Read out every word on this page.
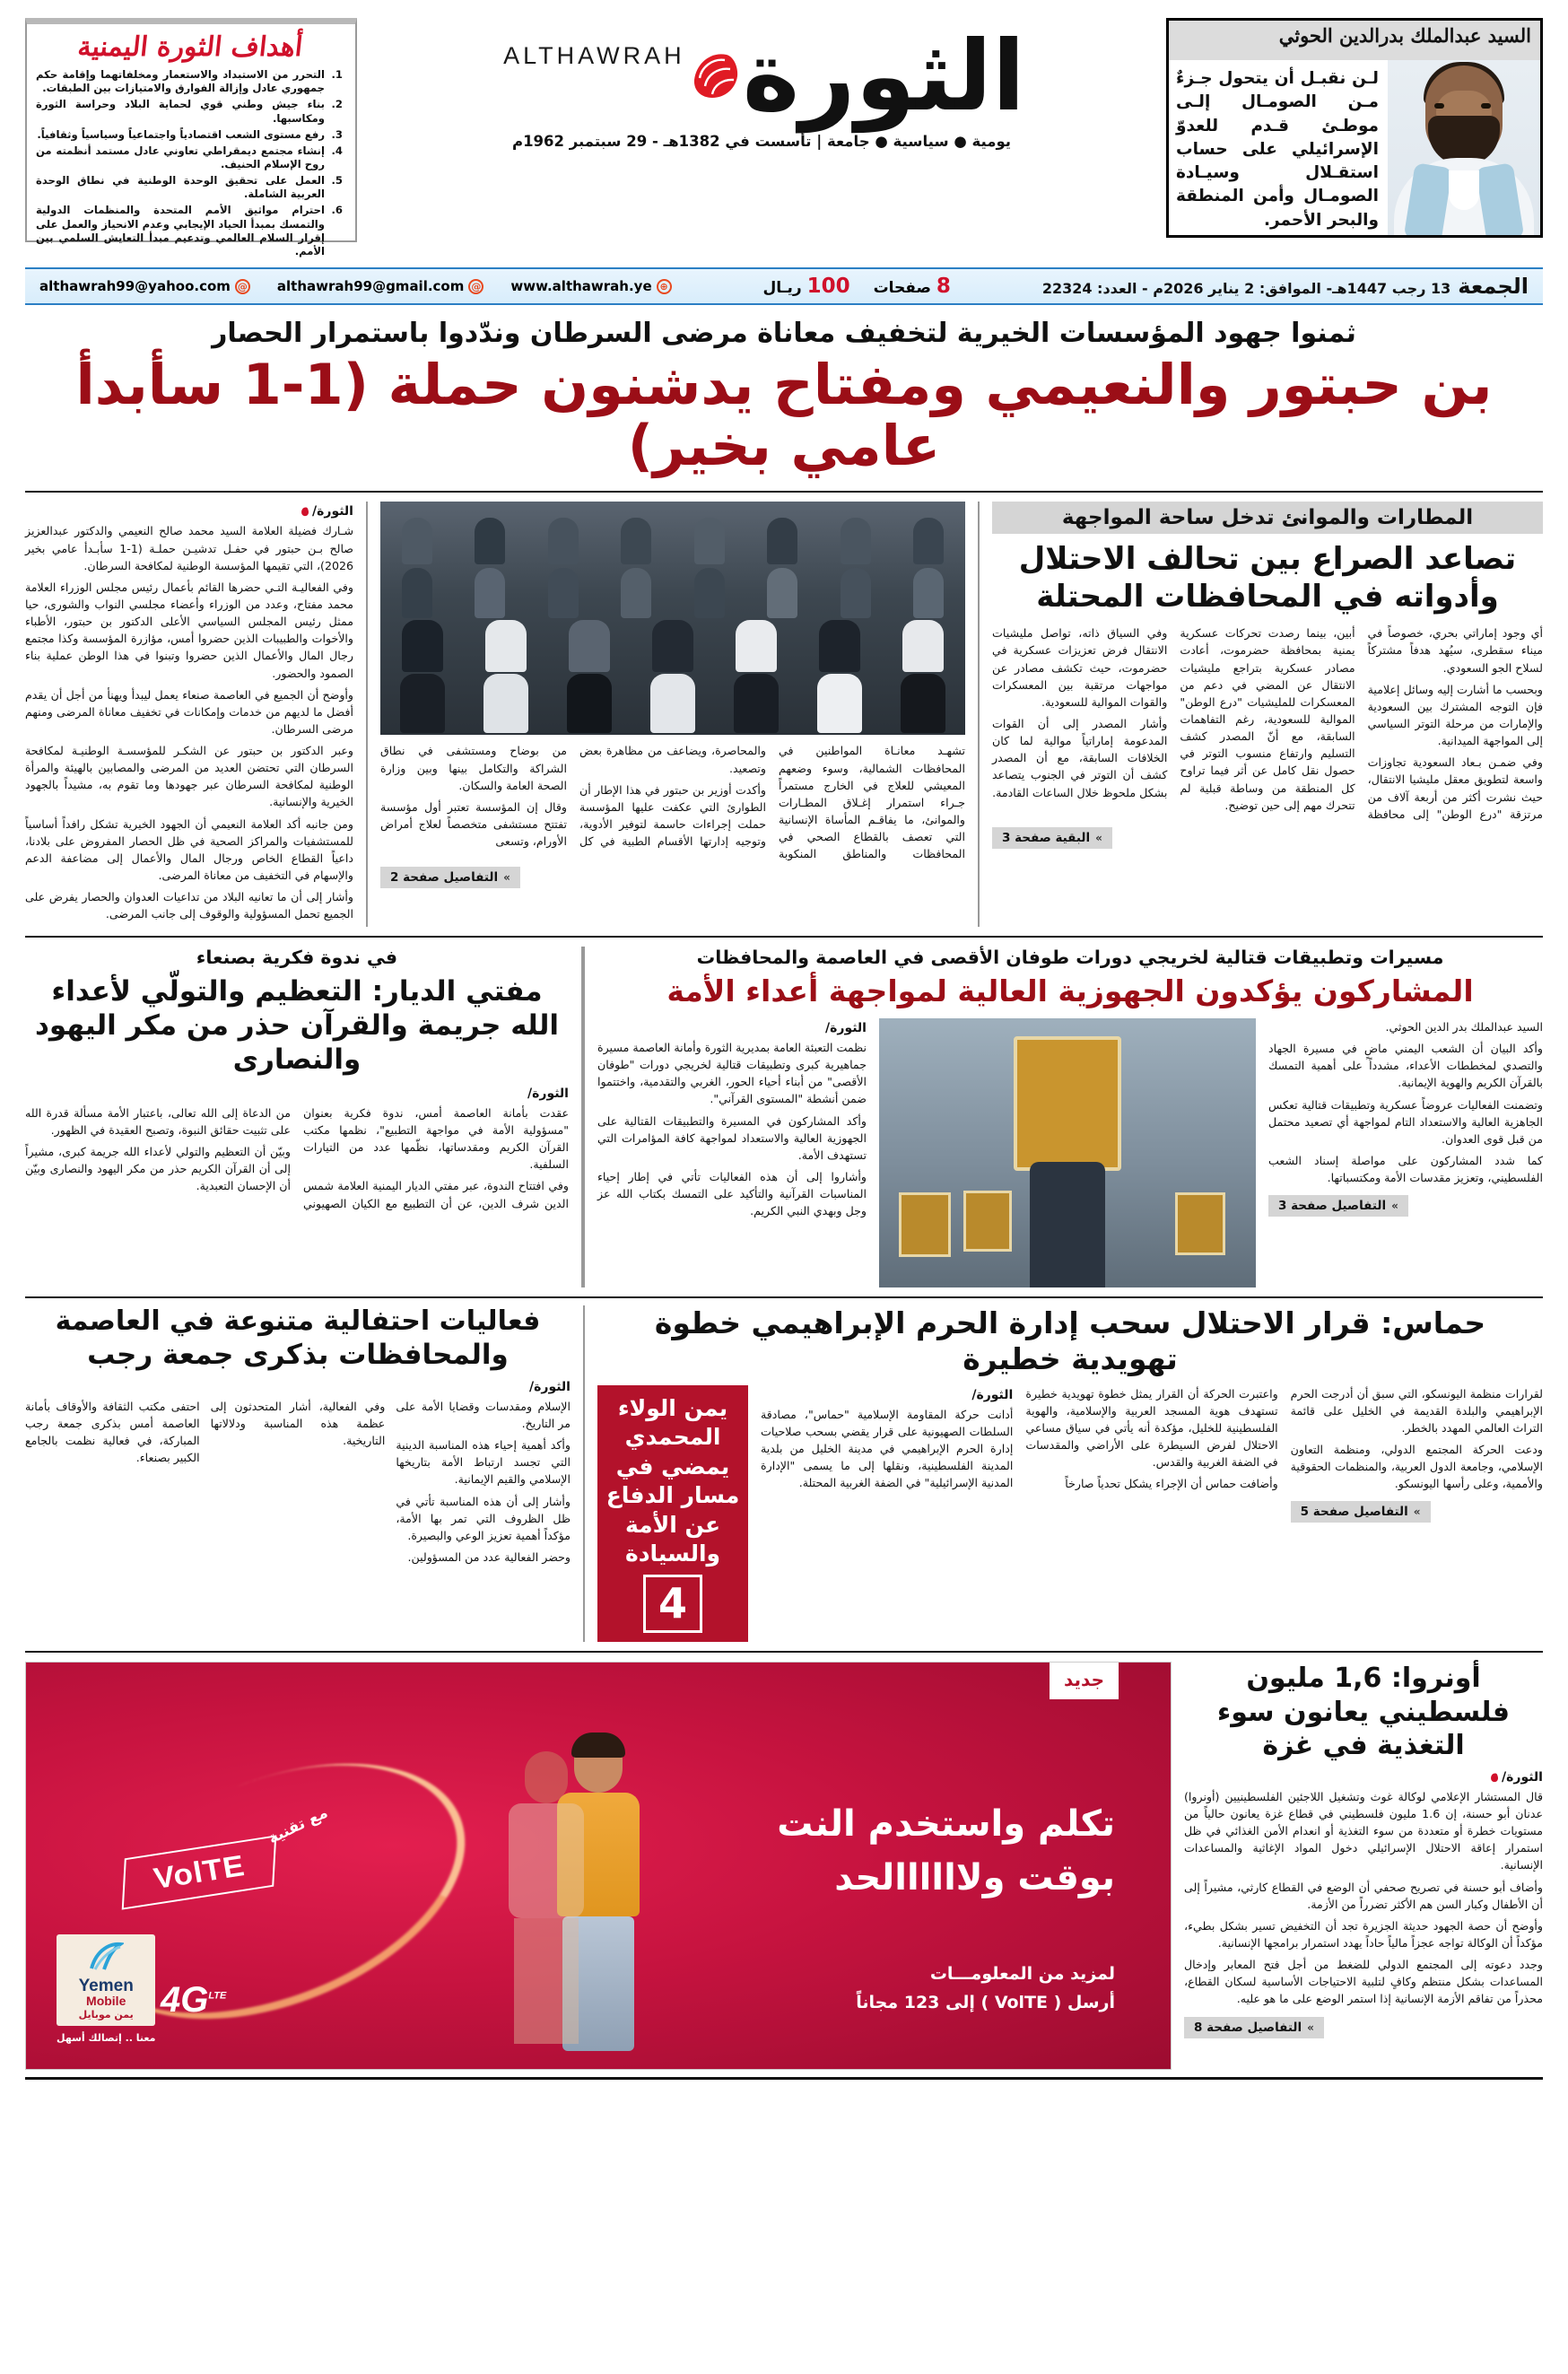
السيد عبدالملك بدرالدين الحوثي
لـن نقبـل أن يتحول جـزءٌ مـن الصومـال إلـى موطـئ قـدم للعدوّ الإسرائيلي على حساب استقـلال وسيـادة الصومـال وأمن المنطقة والبحر الأحمر.
الثورة
ALTHAWRAH
يومية ● سياسية ● جامعة | تأسست في 1382هـ - 29 سبتمبر 1962م
أهداف الثورة اليمنية
التحرر من الاستبداد والاستعمار ومخلفاتهما وإقامة حكم جمهوري عادل وإزالة الفوارق والامتيازات بين الطبقات.
بناء جيش وطني قوي لحماية البلاد وحراسة الثورة ومكاسبها.
رفع مستوى الشعب اقتصادياً واجتماعياً وسياسياً وثقافياً.
إنشاء مجتمع ديمقراطي تعاوني عادل مستمد أنظمته من روح الإسلام الحنيف.
العمل على تحقيق الوحدة الوطنية في نطاق الوحدة العربية الشاملة.
احترام مواثيق الأمم المتحدة والمنظمات الدولية والتمسك بمبدأ الحياد الإيجابي وعدم الانحياز والعمل على إقرار السلام العالمي وتدعيم مبدأ التعايش السلمي بين الأمم.
الجمعة
13 رجب 1447هـ- الموافق: 2 يناير 2026م - العدد: 22324
8 صفحات
100 ريـال
althawrah99@yahoo.com @ althawrah99@gmail.com @ www.althawrah.ye ⊕
ثمنوا جهود المؤسسات الخيرية لتخفيف معاناة مرضى السرطان وندّدوا باستمرار الحصار
بن حبتور والنعيمي ومفتاح يدشنون حملة (1-1 سأبدأ عامي بخير)
المطارات والموانئ تدخل ساحة المواجهة
تصاعد الصراع بين تحالف الاحتلال وأدواته في المحافظات المحتلة

أي وجود إماراتي بحري، خصوصاً في ميناء سقطرى، سيُهد هدفاً مشتركاً لسلاح الجو السعودي.

وبحسب ما أشارت إليه وسائل إعلامية فإن التوجه المشترك بين السعودية والإمارات من مرحلة التوتر السياسي إلى المواجهة الميدانية.

وفي ضمـن بـعاد السعودية تجاوزات واسعة لتطويق معقل مليشيا الانتقال، حيث نشرت أكثر من أربعة آلاف من مرتزقة "درع الوطن" إلى محافظة أبين، بينما رصدت تحركات عسكرية يمنية بمحافظة حضرموت، أعادت مصادر عسكرية بتراجع مليشيات الانتقال عن المضي في دعم من المعسكرات للمليشيات "درع الوطن" الموالية للسعودية، رغم التفاهمات السابقة، مع أنّ المصدر كشف التسليم وارتفاع منسوب التوتر في حصول نقل كامل عن أثر فيما تراوح كل المنطقة من وساطة قبلية لم تتحرك مهم إلى حين توضيح.

وفي السياق ذاته، تواصل مليشيات الانتقال فرض تعزيزات عسكرية في حضرموت، حيث تكشف مصادر عن مواجهات مرتقبة بين المعسكرات والقوات الموالية للسعودية.

وأشار المصدر إلى أن القوات المدعومة إماراتياً موالية لما كان الخلافات السابقة، مع أن المصدر كشف أن التوتر في الجنوب يتصاعد بشكل ملحوظ خلال الساعات القادمة.

»
البقية صفحة 3

تشهـد معانـاة المواطنين في المحافظات الشمالية، وسوء وضعهم المعيشي للعلاج في الخارج مستمراً جـراء استمرار إغـلاق المطـارات والموانئ، ما يفاقـم المأساة الإنسانية التي تعصف بالقطاع الصحي في المحافظات والمناطق المنكوبة والمحاصرة، ويضاعف من مظاهرة بعض وتصعيد.

وأكدت أوزير بن حبتور في هذا الإطار أن الطوارئ التي عكفت عليها المؤسسة حملت إجراءات حاسمة لتوفير الأدوية، وتوجيه إدارتها الأقسام الطبية في كل من بوضاح ومستشفى في نطاق الشراكة والتكامل بينها وبين وزارة الصحة العامة والسكان.

وقال إن المؤسسة تعتبر أول مؤسسة تفتتح مستشفى متخصصاً لعلاج أمراض الأورام، وتسعى

»
التفاصيل صفحة 2
الثورة/

شـارك فضيلة العلامة السيد محمد صالح النعيمي والدكتور عبدالعزيز صالح بـن حبتور في حفـل تدشيـن حملـة (1-1 سأبـدأ عامي بخير 2026)، التي تقيمها المؤسسة الوطنية لمكافحة السرطان.

وفي الفعاليـة التـي حضرها القائم بأعمال رئيس مجلس الوزراء العلامة محمد مفتاح، وعدد من الوزراء وأعضاء مجلسي النواب والشورى، حيا ممثل رئيس المجلس السياسي الأعلى الدكتور بن حبتور، الأطباء والأخوات والطبيبات الذين حضروا أمس، مؤازرة المؤسسة وكذا مجتمع رجال المال والأعمال الذين حضروا وتبنوا في هذا الوطن عملية بناء الصمود والحضور.

وأوضح أن الجميع في العاصمة صنعاء يعمل ليبدأ ويهنأ من أجل أن يقدم أفضل ما لديهم من خدمات وإمكانات في تخفيف معاناة المرضى ومنهم مرضى السرطان.

وعبر الدكتور بن حبتور عن الشكـر للمؤسسـة الوطنيـة لمكافحة السرطان التي تحتضن العديد من المرضى والمصابين بالهيئة والمرأة الوطنية لمكافحة السرطان عبر جهودها وما تقوم به، مشيداً بالجهود الخيرية والإنسانية.

ومن جانبه أكد العلامة النعيمي أن الجهود الخيرية تشكل رافداً أساسياً للمستشفيات والمراكز الصحية في ظل الحصار المفروض على بلادنا، داعياً القطاع الخاص ورجال المال والأعمال إلى مضاعفة الدعم والإسهام في التخفيف من معاناة المرضى.

وأشار إلى أن ما تعانيه البلاد من تداعيات العدوان والحصار يفرض على الجميع تحمل المسؤولية والوقوف إلى جانب المرضى.

مسيرات وتطبيقات قتالية لخريجي دورات طوفان الأقصى في العاصمة والمحافظات
المشاركون يؤكدون الجهوزية العالية لمواجهة أعداء الأمة

السيد عبدالملك بدر الدين الحوثي.

وأكد البيان أن الشعب اليمني ماضٍ في مسيرة الجهاد والتصدي لمخططات الأعداء، مشدداً على أهمية التمسك بالقرآن الكريم والهوية الإيمانية.

وتضمنت الفعاليات عروضاً عسكرية وتطبيقات قتالية تعكس الجاهزية العالية والاستعداد التام لمواجهة أي تصعيد محتمل من قبل قوى العدوان.

كما شدد المشاركون على مواصلة إسناد الشعب الفلسطيني، وتعزيز مقدسات الأمة ومكتسباتها.

»
التفاصيل صفحة 3
الثورة/

نظمت التعبئة العامة بمديرية الثورة وأمانة العاصمة مسيرة جماهيرية كبرى وتطبيقات قتالية لخريجي دورات "طوفان الأقصى" من أبناء أحياء الحور، الغربي والتقدمية، واختتموا ضمن أنشطة "المستوى القرآني".

وأكد المشاركون في المسيرة والتطبيقات القتالية على الجهوزية العالية والاستعداد لمواجهة كافة المؤامرات التي تستهدف الأمة.

وأشاروا إلى أن هذه الفعاليات تأتي في إطار إحياء المناسبات القرآنية والتأكيد على التمسك بكتاب الله عز وجل وبهدي النبي الكريم.

في ندوة فكرية بصنعاء
مفتي الديار: التعظيم والتولّي لأعداء الله جريمة والقرآن حذر من مكر اليهود والنصارى
الثورة/

عقدت بأمانة العاصمة أمس، ندوة فكرية بعنوان "مسؤولية الأمة في مواجهة التطبيع"، نظمها مكتب القرآن الكريم ومقدساتها، نظّمها عدد من التيارات السلفية.

وفي افتتاح الندوة، عبر مفتي الديار اليمنية العلامة شمس الدين شرف الدين، عن أن التطبيع مع الكيان الصهيوني من الدعاة إلى الله تعالى، باعتبار الأمة مسألة قدرة الله على تثبيت حقائق النبوة، وتصبح العقيدة في الظهور.

وبيّن أن التعظيم والتولي لأعداء الله جريمة كبرى، مشيراً إلى أن القرآن الكريم حذر من مكر اليهود والنصارى وبيّن أن الإحسان التعبدية.

حماس: قرار الاحتلال سحب إدارة الحرم الإبراهيمي خطوة تهويدية خطيرة

لقرارات منظمة اليونسكو، التي سبق أن أدرجت الحرم الإبراهيمي والبلدة القديمة في الخليل على قائمة التراث العالمي المهدد بالخطر.

ودعت الحركة المجتمع الدولي، ومنظمة التعاون الإسلامي، وجامعة الدول العربية، والمنظمات الحقوقية والأممية، وعلى رأسها اليونسكو.

»
التفاصيل صفحة 5

واعتبرت الحركة أن القرار يمثل خطوة تهويدية خطيرة تستهدف هوية المسجد العربية والإسلامية، والهوية الفلسطينية للخليل، مؤكدة أنه يأتي في سياق مساعي الاحتلال لفرض السيطرة على الأراضي والمقدسات في الضفة الغربية والقدس.

وأضافت حماس أن الإجراء يشكل تحدياً صارخاً

الثورة/
أدانت حركة المقاومة الإسلامية "حماس"، مصادقة السلطات الصهيونية على قرار يقضي بسحب صلاحيات إدارة الحرم الإبراهيمي في مدينة الخليل من بلدية المدينة الفلسطينية، ونقلها إلى ما يسمى "الإدارة المدنية الإسرائيلية" في الضفة الغربية المحتلة.
يمن الولاء المحمدي يمضي في مسار الدفاع عن الأمة والسيادة 4
فعاليات احتفالية متنوعة في العاصمة
والمحافظات بذكرى جمعة رجب
الثورة/

الإسلام ومقدسات وقضايا الأمة على مر التاريخ.

وأكد أهمية إحياء هذه المناسبة الدينية التي تجسد ارتباط الأمة بتاريخها الإسلامي والقيم الإيمانية.

وأشار إلى أن هذه المناسبة تأتي في ظل الظروف التي تمر بها الأمة، مؤكداً أهمية تعزيز الوعي والبصيرة.

وحضر الفعالية عدد من المسؤولين.

وفي الفعالية، أشار المتحدثون إلى عظمة هذه المناسبة ودلالاتها التاريخية.
احتفى مكتب الثقافة والأوقاف بأمانة العاصمة أمس بذكرى جمعة رجب المباركة، في فعالية نظمت بالجامع الكبير بصنعاء.
أونروا: 1,6 مليون فلسطيني يعانون سوء التغذية في غزة
الثورة/

قال المستشار الإعلامي لوكالة غوث وتشغيل اللاجئين الفلسطينيين (أونروا) عدنان أبو حسنة، إن 1.6 مليون فلسطيني في قطاع غزة يعانون حالياً من مستويات خطرة أو متعددة من سوء التغذية أو انعدام الأمن الغذائي في ظل استمرار إعاقة الاحتلال الإسرائيلي دخول المواد الإغاثية والمساعدات الإنسانية.

وأضاف أبو حسنة في تصريح صحفي أن الوضع في القطاع كارثي، مشيراً إلى أن الأطفال وكبار السن هم الأكثر تضرراً من الأزمة.

وأوضح أن حصة الجهود حديثة الجزيرة تجد أن التخفيض تسير بشكل بطيء، مؤكداً أن الوكالة تواجه عجزاً مالياً حاداً يهدد استمرار برامجها الإنسانية.

وجدد دعوته إلى المجتمع الدولي للضغط من أجل فتح المعابر وإدخال المساعدات بشكل منتظم وكافٍ لتلبية الاحتياجات الأساسية لسكان القطاع، محذراً من تفاقم الأزمة الإنسانية إذا استمر الوضع على ما هو عليه.

»
التفاصيل صفحة 8
جديد
مع تقنية
VolTE
تكلم واستخدم النت
بوقت ولاااااالحد
لمزيد من المعلومـــات
أرسل ( VolTE ) إلى 123 مجاناً
$4G^{LTE}$
Yemen
Mobile
يمن موبايل
معنا .. إتصالك أسهل
